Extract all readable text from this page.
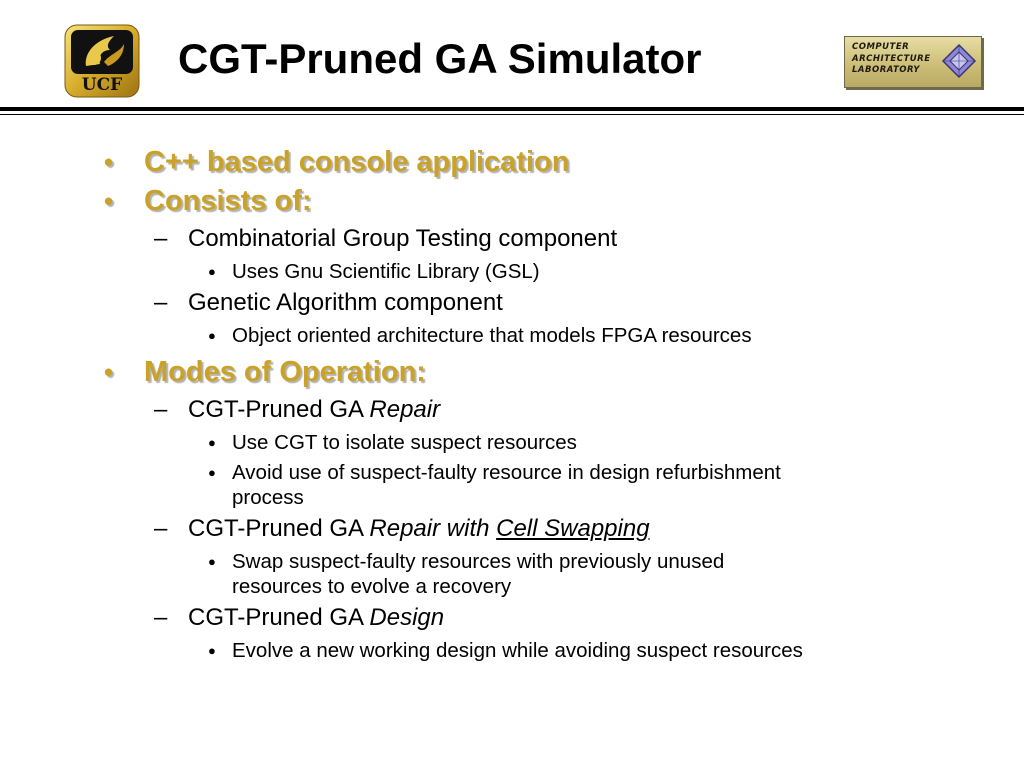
UCF
CGT-Pruned GA Simulator	COMPUTER
ARCHITECTURE
LABORATORY
• C++ based console application
• Consists of:
– Combinatorial Group Testing component
● Uses Gnu Scientific Library (GSL)
– Genetic Algorithm component
● Object oriented architecture that models FPGA resources
• Modes of Operation:
– CGT-Pruned GA Repair
● Use CGT to isolate suspect resources
● Avoid use of suspect-faulty resource in design refurbishment
process
– CGT-Pruned GA Repair with Cell Swapping
● Swap suspect-faulty resources with previously unused
resources to evolve a recovery
– CGT-Pruned GA Design
● Evolve a new working design while avoiding suspect resources
